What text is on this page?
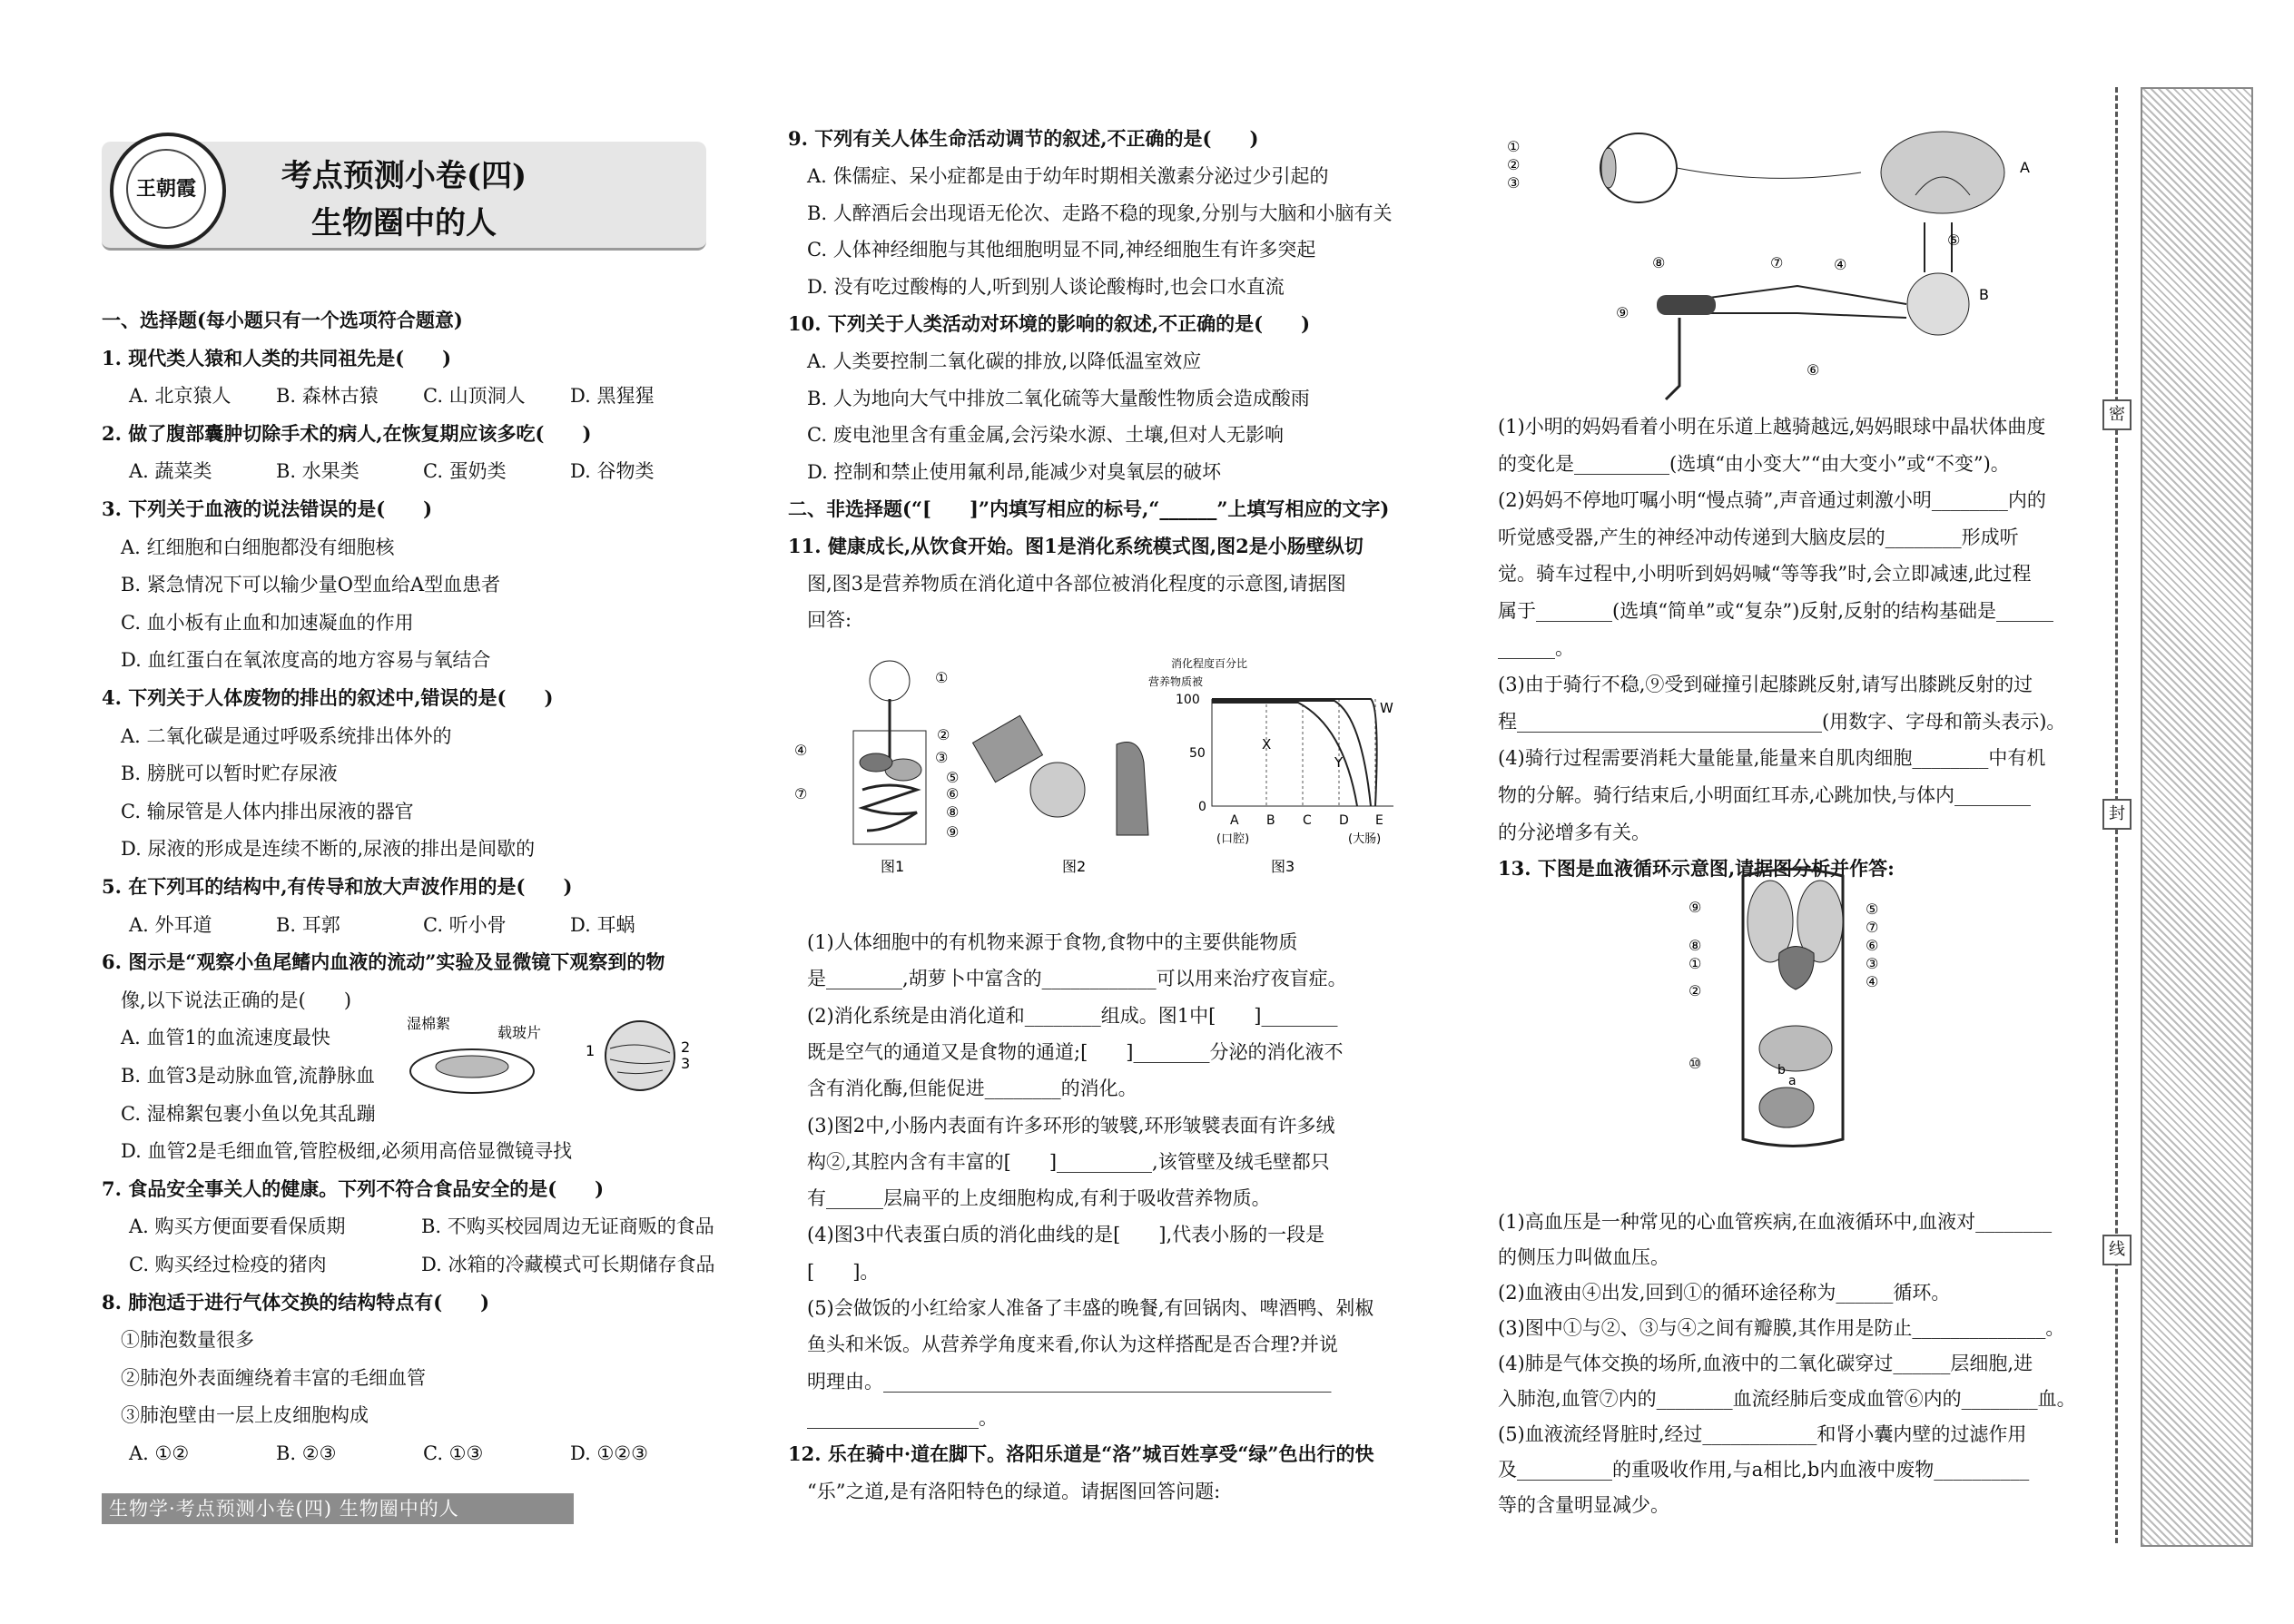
考点预测小卷(四)
生物圈中的人
王朝霞
一、选择题(每小题只有一个选项符合题意)
1. 现代类人猿和人类的共同祖先是(　　)
A. 北京猿人 B. 森林古猿 C. 山顶洞人 D. 黑猩猩
2. 做了腹部囊肿切除手术的病人,在恢复期应该多吃(　　)
A. 蔬菜类	B. 水果类	C. 蛋奶类	D. 谷物类
3. 下列关于血液的说法错误的是(　　)
　A. 红细胞和白细胞都没有细胞核
　B. 紧急情况下可以输少量O型血给A型血患者
　C. 血小板有止血和加速凝血的作用
　D. 血红蛋白在氧浓度高的地方容易与氧结合
4. 下列关于人体废物的排出的叙述中,错误的是(　　)
　A. 二氧化碳是通过呼吸系统排出体外的
　B. 膀胱可以暂时贮存尿液
　C. 输尿管是人体内排出尿液的器官
　D. 尿液的形成是连续不断的,尿液的排出是间歇的
5. 在下列耳的结构中,有传导和放大声波作用的是(　　)
A. 外耳道	B. 耳郭	C. 听小骨	D. 耳蜗
6. 图示是“观察小鱼尾鳍内血液的流动”实验及显微镜下观察到的物
　像,以下说法正确的是(　　)
　A. 血管1的血流速度最快
　B. 血管3是动脉血管,流静脉血
　C. 湿棉絮包裹小鱼以免其乱蹦
　D. 血管2是毛细血管,管腔极细,必须用高倍显微镜寻找
7. 食品安全事关人的健康。下列不符合食品安全的是(　　)
A. 购买方便面要看保质期	B. 不购买校园周边无证商贩的食品
C. 购买经过检疫的猪肉	D. 冰箱的冷藏模式可长期储存食品
8. 肺泡适于进行气体交换的结构特点有(　　)
　①肺泡数量很多
　②肺泡外表面缠绕着丰富的毛细血管
　③肺泡壁由一层上皮细胞构成
A. ①②	B. ②③	C. ①③	D. ①②③
9. 下列有关人体生命活动调节的叙述,不正确的是(　　)
　A. 侏儒症、呆小症都是由于幼年时期相关激素分泌过少引起的
　B. 人醉酒后会出现语无伦次、走路不稳的现象,分别与大脑和小脑有关
　C. 人体神经细胞与其他细胞明显不同,神经细胞生有许多突起
　D. 没有吃过酸梅的人,听到别人谈论酸梅时,也会口水直流
10. 下列关于人类活动对环境的影响的叙述,不正确的是(　　)
　A. 人类要控制二氧化碳的排放,以降低温室效应
　B. 人为地向大气中排放二氧化硫等大量酸性物质会造成酸雨
　C. 废电池里含有重金属,会污染水源、土壤,但对人无影响
　D. 控制和禁止使用氟利昂,能减少对臭氧层的破坏
二、非选择题(“[　　]”内填写相应的标号,“______”上填写相应的文字)
11. 健康成长,从饮食开始。图1是消化系统模式图,图2是小肠壁纵切
　图,图3是营养物质在消化道中各部位被消化程度的示意图,请据图
　回答:
　(1)人体细胞中的有机物来源于食物,食物中的主要供能物质
　是________,胡萝卜中富含的____________可以用来治疗夜盲症。
　(2)消化系统是由消化道和________组成。图1中[　　]________
　既是空气的通道又是食物的通道;[　　]________分泌的消化液不
　含有消化酶,但能促进________的消化。
　(3)图2中,小肠内表面有许多环形的皱襞,环形皱襞表面有许多绒
　构②,其腔内含有丰富的[　　]__________,该管壁及绒毛壁都只
　有______层扁平的上皮细胞构成,有利于吸收营养物质。
　(4)图3中代表蛋白质的消化曲线的是[　　],代表小肠的一段是
　[　　]。
　(5)会做饭的小红给家人准备了丰盛的晚餐,有回锅肉、啤酒鸭、剁椒
　鱼头和米饭。从营养学角度来看,你认为这样搭配是否合理?并说
　明理由。_______________________________________________
　__________________。
12. 乐在骑中·道在脚下。洛阳乐道是“洛”城百姓享受“绿”色出行的快
　“乐”之道,是有洛阳特色的绿道。请据图回答问题:
(1)小明的妈妈看着小明在乐道上越骑越远,妈妈眼球中晶状体曲度
的变化是__________(选填“由小变大”“由大变小”或“不变”)。
(2)妈妈不停地叮嘱小明“慢点骑”,声音通过刺激小明________内的
听觉感受器,产生的神经冲动传递到大脑皮层的________形成听
觉。骑车过程中,小明听到妈妈喊“等等我”时,会立即减速,此过程
属于________(选填“简单”或“复杂”)反射,反射的结构基础是______
______。
(3)由于骑行不稳,⑨受到碰撞引起膝跳反射,请写出膝跳反射的过
程________________________________(用数字、字母和箭头表示)。
(4)骑行过程需要消耗大量能量,能量来自肌肉细胞________中有机
物的分解。骑行结束后,小明面红耳赤,心跳加快,与体内________
的分泌增多有关。
13. 下图是血液循环示意图,请据图分析并作答:
(1)高血压是一种常见的心血管疾病,在血液循环中,血液对________
的侧压力叫做血压。
(2)血液由④出发,回到①的循环途径称为______循环。
(3)图中①与②、③与④之间有瓣膜,其作用是防止______________。
(4)肺是气体交换的场所,血液中的二氧化碳穿过______层细胞,进
入肺泡,血管⑦内的________血流经肺后变成血管⑥内的________血。
(5)血液流经肾脏时,经过____________和肾小囊内壁的过滤作用
及__________的重吸收作用,与a相比,b内血液中废物__________
等的含量明显减少。
湿棉絮
载玻片
1	2
3
①
②
③
④
⑤
⑥
⑦
⑧
⑨
图1	图2
100
50
0
营养物质被
消化程度百分比
A B C D E
(口腔)	(大肠)
X
Y
W
图3
A
B
①
②
③
④
⑤
⑥
⑦
⑧
⑨
b
a
⑨
⑧
①
②
⑩
⑤
⑦
⑥
③
④
生物学·考点预测小卷(四) 生物圈中的人
密
封
线
